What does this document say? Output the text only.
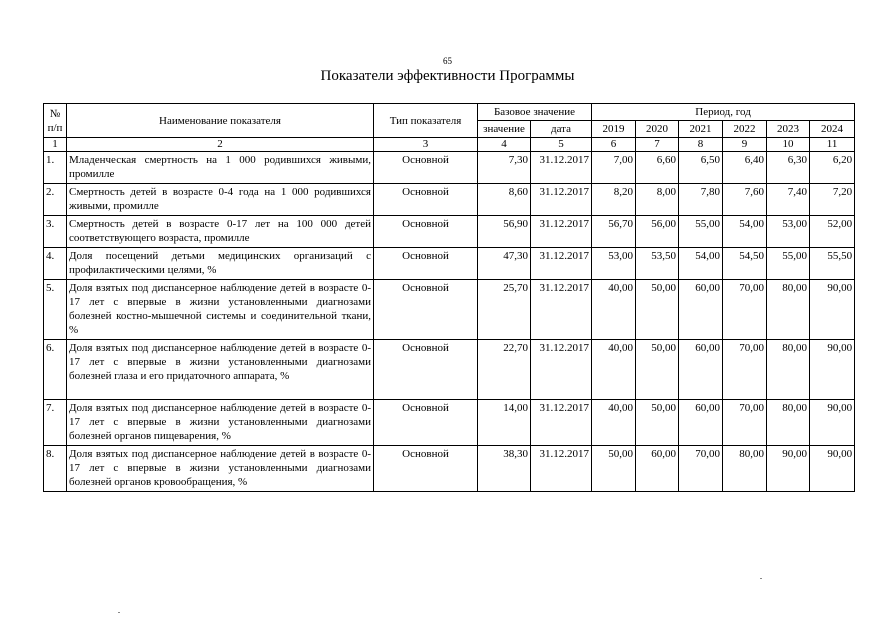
65
Показатели эффективности Программы
№ п/п	Наименование показателя	Тип показателя	Базовое значение		Период, год					
			значение	дата	2019	2020	2021	2022	2023	2024
1	2	3	4	5	6	7	8	9	10	11
1.	Младенческая смертность на 1 000 родившихся живыми, промилле	Основной	7,30	31.12.2017	7,00	6,60	6,50	6,40	6,30	6,20
2.	Смертность детей в возрасте 0-4 года на 1 000 родившихся живыми, промилле	Основной	8,60	31.12.2017	8,20	8,00	7,80	7,60	7,40	7,20
3.	Смертность детей в возрасте 0-17 лет на 100 000 детей соответствующего возраста, промилле	Основной	56,90	31.12.2017	56,70	56,00	55,00	54,00	53,00	52,00
4.	Доля посещений детьми медицинских организаций с профилактическими целями, %	Основной	47,30	31.12.2017	53,00	53,50	54,00	54,50	55,00	55,50
5.	Доля взятых под диспансерное наблюдение детей в возрасте 0-17 лет с впервые в жизни установленными диагнозами болезней костно-мышечной системы и соединительной ткани, %	Основной	25,70	31.12.2017	40,00	50,00	60,00	70,00	80,00	90,00
6.	Доля взятых под диспансерное наблюдение детей в возрасте 0-17 лет с впервые в жизни установленными диагнозами болезней глаза и его придаточного аппарата, %	Основной	22,70	31.12.2017	40,00	50,00	60,00	70,00	80,00	90,00
7.	Доля взятых под диспансерное наблюдение детей в возрасте 0-17 лет с впервые в жизни установленными диагнозами болезней органов пищеварения, %	Основной	14,00	31.12.2017	40,00	50,00	60,00	70,00	80,00	90,00
8.	Доля взятых под диспансерное наблюдение детей в возрасте 0-17 лет с впервые в жизни установленными диагнозами болезней органов кровообращения, %	Основной	38,30	31.12.2017	50,00	60,00	70,00	80,00	90,00	90,00
